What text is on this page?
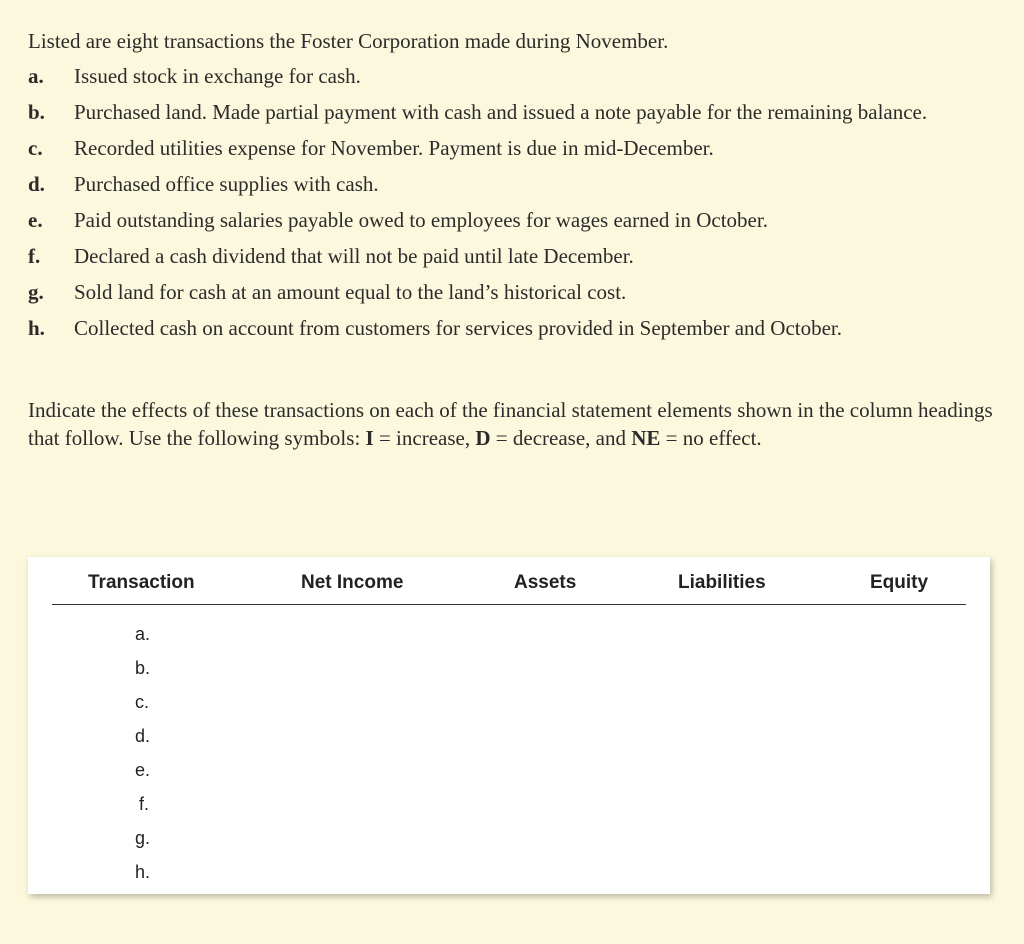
Listed are eight transactions the Foster Corporation made during November.

a.	Issued stock in exchange for cash.
b.	Purchased land. Made partial payment with cash and issued a note payable for the remaining balance.
c.	Recorded utilities expense for November. Payment is due in mid-December.
d.	Purchased office supplies with cash.
e.	Paid outstanding salaries payable owed to employees for wages earned in October.
f.	Declared a cash dividend that will not be paid until late December.
g.	Sold land for cash at an amount equal to the land’s historical cost.
h.	Collected cash on account from customers for services provided in September and October.

Indicate the effects of these transactions on each of the financial statement elements shown in the column headings that follow. Use the following symbols: I = increase, D = decrease, and NE = no effect.

Transaction	Net Income	Assets	Liabilities	Equity
a.
b.
c.
d.
e.
f.
g.
h.
